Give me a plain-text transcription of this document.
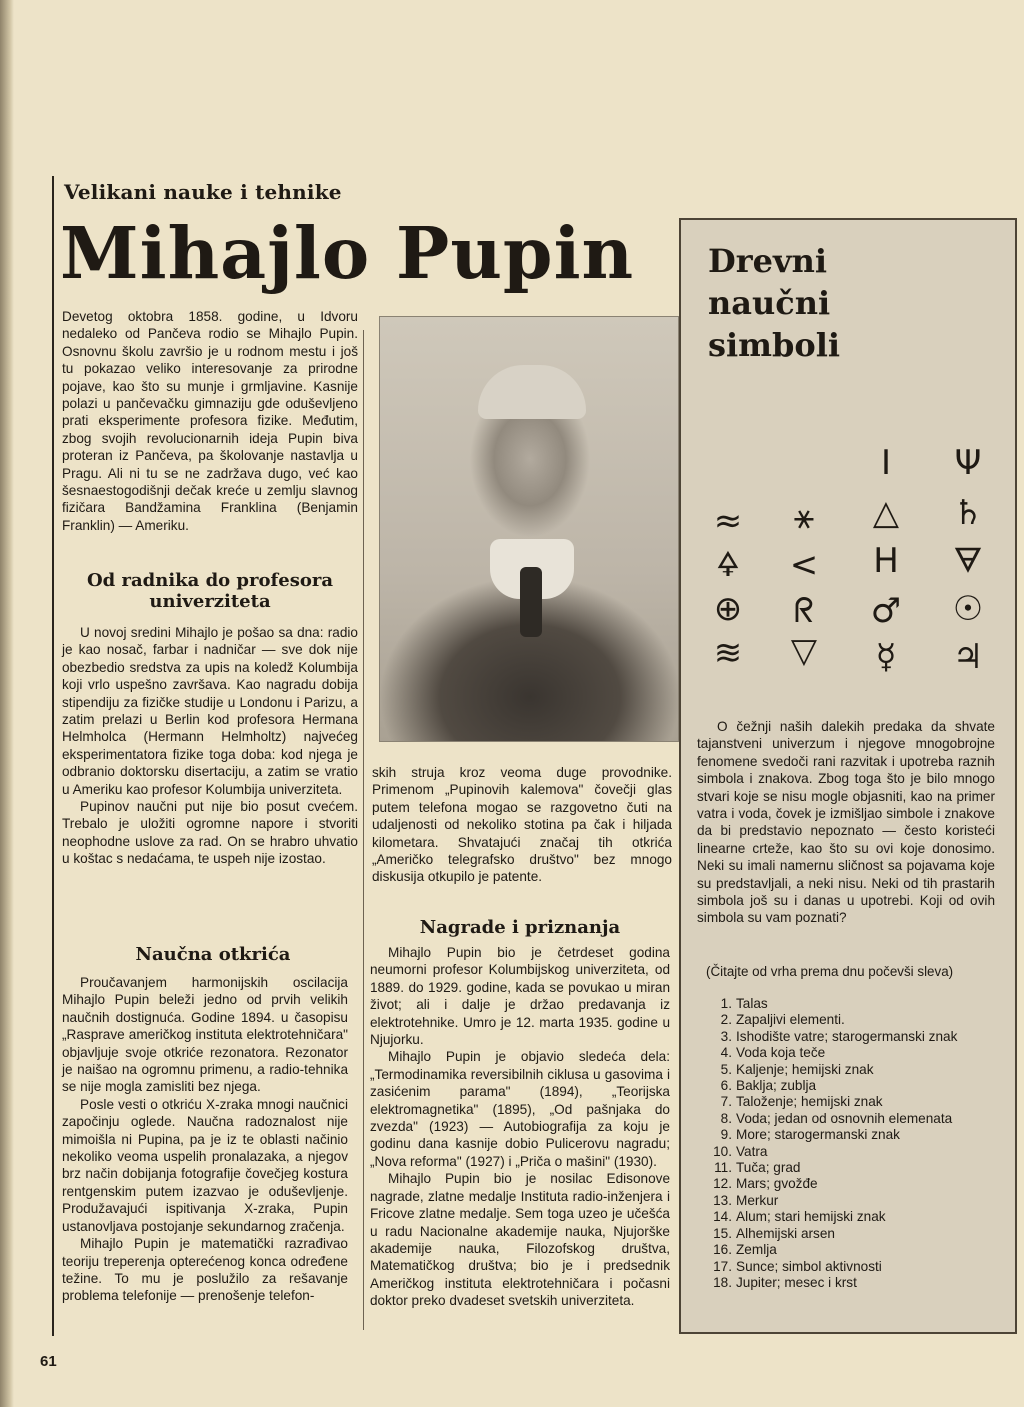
Velikani nauke i tehnike
Mihajlo Pupin

Devetog oktobra 1858. godine, u Idvoru nedaleko od Pančeva rodio se Mihajlo Pupin. Osnovnu školu završio je u rodnom mestu i još tu pokazao veliko interesovanje za prirodne pojave, kao što su munje i grmljavine. Kasnije polazi u pančevačku gimnaziju gde oduševljeno prati eksperimente profesora fizike. Međutim, zbog svojih revolucionarnih ideja Pupin biva proteran iz Pančeva, pa školovanje nastavlja u Pragu. Ali ni tu se ne zadržava dugo, već kao šesnaestogodišnji dečak kreće u zemlju slavnog fizičara Bandžamina Franklina (Benjamin Franklin) — Ameriku.

Od radnika do profesora univerziteta

U novoj sredini Mihajlo je pošao sa dna: radio je kao nosač, farbar i nadničar — sve dok nije obezbedio sredstva za upis na koledž Kolumbija koji vrlo uspešno završava. Kao nagradu dobija stipendiju za fizičke studije u Londonu i Parizu, a zatim prelazi u Berlin kod profesora Hermana Helmholca (Hermann Helmholtz) najvećeg eksperimentatora fizike toga doba: kod njega je odbranio doktorsku disertaciju, a zatim se vratio u Ameriku kao profesor Kolumbija univerziteta.

Pupinov naučni put nije bio posut cvećem. Trebalo je uložiti ogromne napore i stvoriti neophodne uslove za rad. On se hrabro uhvatio u koštac s nedaćama, te uspeh nije izostao.

Naučna otkrića

Proučavanjem harmonijskih oscilacija Mihajlo Pupin beleži jedno od prvih velikih naučnih dostignuća. Godine 1894. u časopisu „Rasprave američkog instituta elektrotehničara" objavljuje svoje otkriće rezonatora. Rezonator je naišao na ogromnu primenu, a radio-tehnika se nije mogla zamisliti bez njega.

Posle vesti o otkriću X-zraka mnogi naučnici započinju oglede. Naučna radoznalost nije mimoišla ni Pupina, pa je iz te oblasti načinio nekoliko veoma uspelih pronalazaka, a njegov brz način dobijanja fotografije čovečjeg kostura rentgenskim putem izazvao je oduševljenje. Produžavajući ispitivanja X-zraka, Pupin ustanovljava postojanje sekundarnog zračenja.

Mihajlo Pupin je matematički razrađivao teoriju treperenja opterećenog konca određene težine. To mu je poslužilo za rešavanje problema telefonije — prenošenje telefon-

skih struja kroz veoma duge provodnike. Primenom „Pupinovih kalemova" čovečji glas putem telefona mogao se razgovetno čuti na udaljenosti od nekoliko stotina pa čak i hiljada kilometara. Shvatajući značaj tih otkrića „Američko telegrafsko društvo" bez mnogo diskusija otkupilo je patente.

Nagrade i priznanja

Mihajlo Pupin bio je četrdeset godina neumorni profesor Kolumbijskog univerziteta, od 1889. do 1929. godine, kada se povukao u miran život; ali i dalje je držao predavanja iz elektrotehnike. Umro je 12. marta 1935. godine u Njujorku.

Mihajlo Pupin je objavio sledeća dela: „Termodinamika reversibilnih ciklusa u gasovima i zasićenim parama" (1894), „Teorijska elektromagnetika" (1895), „Od pašnjaka do zvezda" (1923) — Autobiografija za koju je godinu dana kasnije dobio Pulicerovu nagradu; „Nova reforma" (1927) i „Priča o mašini" (1930).

Mihajlo Pupin bio je nosilac Edisonove nagrade, zlatne medalje Instituta radio-inženjera i Fricove zlatne medalje. Sem toga uzeo je učešća u radu Nacionalne akademije nauka, Njujorške akademije nauka, Filozofskog društva, Matematičkog društva; bio je i predsednik Američkog instituta elektrotehničara i počasni doktor preko dvadeset svetskih univerziteta.

Drevni
naučni
simboli
≈	⚹
🜍
⊕
≋
<
ᖇ
▽
I
△
H
♂
☿
Ψ
♄
🜃
☉
♃

O čežnji naših dalekih predaka da shvate tajanstveni univerzum i njegove mnogobrojne fenomene svedoči rani razvitak i upotreba raznih simbola i znakova. Zbog toga što je bilo mnogo stvari koje se nisu mogle objasniti, kao na primer vatra i voda, čovek je izmišljao simbole i znakove da bi predstavio nepoznato — često koristeći linearne crteže, kao što su ovi koje donosimo. Neki su imali namernu sličnost sa pojavama koje su predstavljali, a neki nisu. Neki od tih prastarih simbola još su i danas u upotrebi. Koji od ovih simbola su vam poznati?

(Čitajte od vrha prema dnu počevši sleva)
1. Talas
2. Zapaljivi elementi.
3. Ishodište vatre; starogermanski znak
4. Voda koja teče
5. Kaljenje; hemijski znak
6. Baklja; zublja
7. Taloženje; hemijski znak
8. Voda; jedan od osnovnih elemenata
9. More; starogermanski znak
10. Vatra
11. Tuča; grad
12. Mars; gvožđe
13. Merkur
14. Alum; stari hemijski znak
15. Alhemijski arsen
16. Zemlja
17. Sunce; simbol aktivnosti
18. Jupiter; mesec i krst
61
